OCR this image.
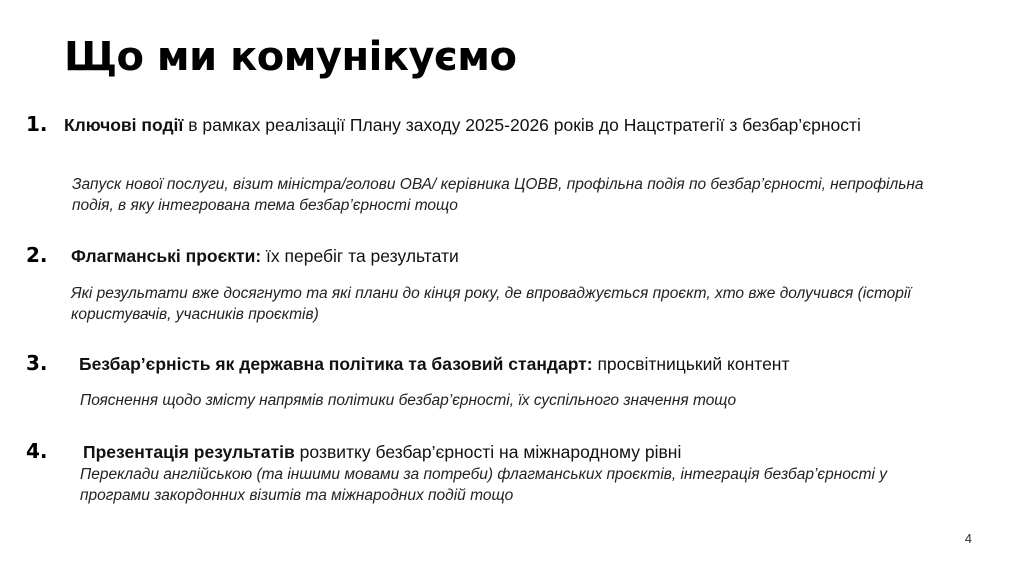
Що ми комунікуємо
1. Ключові події в рамках реалізації Плану заходу 2025-2026 років до Нацстратегії з безбар’єрності
Запуск нової послуги, візит міністра/голови ОВА/ керівника ЦОВВ, профільна подія по безбар’єрності, непрофільна подія, в яку інтегрована тема безбар’єрності тощо
2. Флагманські проєкти: їх перебіг та результати
Які результати вже досягнуто та які плани до кінця року, де впроваджується проєкт, хто вже долучився (історії користувачів, учасників проєктів)
3. Безбар’єрність як державна політика та базовий стандарт: просвітницький контент
Пояснення щодо змісту напрямів політики безбар’єрності, їх суспільного значення тощо
4. Презентація результатів розвитку безбар’єрності на міжнародному рівні
Переклади англійською (та іншими мовами за потреби) флагманських проєктів, інтеграція безбар’єрності у програми закордонних візитів та міжнародних подій тощо
4
